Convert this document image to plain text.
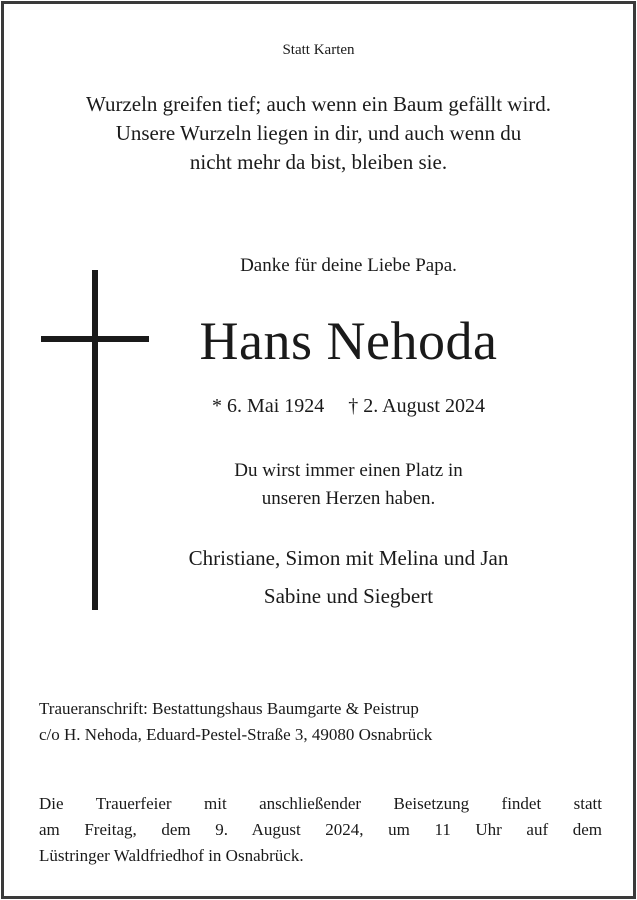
Statt Karten
Wurzeln greifen tief; auch wenn ein Baum gefällt wird.
Unsere Wurzeln liegen in dir, und auch wenn du
nicht mehr da bist, bleiben sie.
Danke für deine Liebe Papa.
Hans Nehoda
* 6. Mai 1924 † 2. August 2024
Du wirst immer einen Platz in
unseren Herzen haben.
Christiane, Simon mit Melina und Jan
Sabine und Siegbert
Traueranschrift: Bestattungshaus Baumgarte & Peistrup
c/o H. Nehoda, Eduard-Pestel-Straße 3, 49080 Osnabrück
Die Trauerfeier mit anschließender Beisetzung findet statt
am Freitag, dem 9. August 2024, um 11 Uhr auf dem
Lüstringer Waldfriedhof in Osnabrück.
